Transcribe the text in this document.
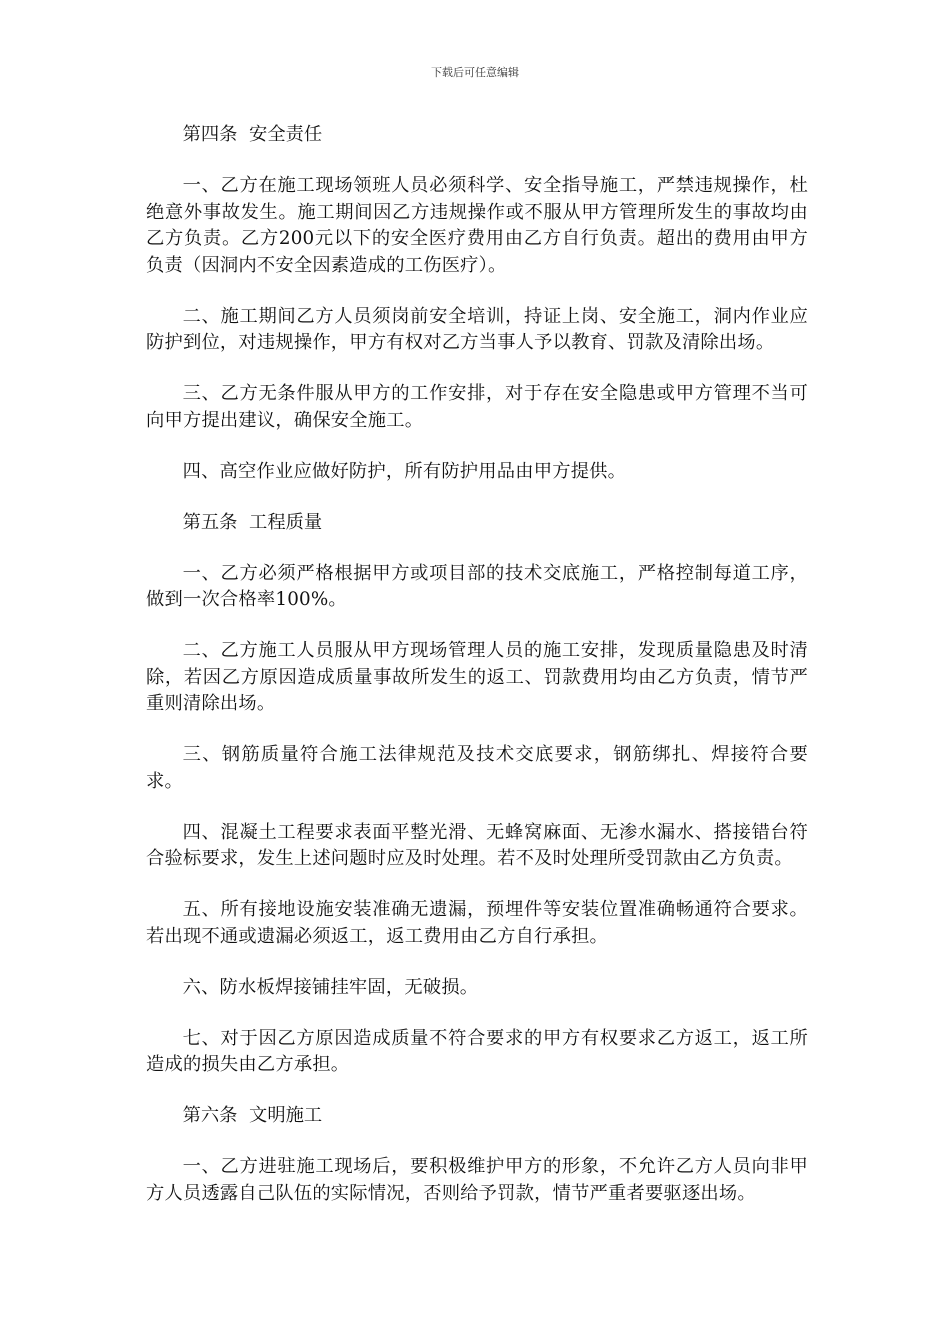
下载后可任意编辑
第四条  安全责任

一、乙方在施工现场领班人员必须科学、安全指导施工，严禁违规操作，杜绝意外事故发生。施工期间因乙方违规操作或不服从甲方管理所发生的事故均由乙方负责。乙方200元以下的安全医疗费用由乙方自行负责。超出的费用由甲方负责（因洞内不安全因素造成的工伤医疗）。

二、施工期间乙方人员须岗前安全培训，持证上岗、安全施工，洞内作业应防护到位，对违规操作，甲方有权对乙方当事人予以教育、罚款及清除出场。

三、乙方无条件服从甲方的工作安排，对于存在安全隐患或甲方管理不当可向甲方提出建议，确保安全施工。

四、高空作业应做好防护，所有防护用品由甲方提供。

第五条  工程质量

一、乙方必须严格根据甲方或项目部的技术交底施工，严格控制每道工序，做到一次合格率100%。

二、乙方施工人员服从甲方现场管理人员的施工安排，发现质量隐患及时清除，若因乙方原因造成质量事故所发生的返工、罚款费用均由乙方负责，情节严重则清除出场。

三、钢筋质量符合施工法律规范及技术交底要求，钢筋绑扎、焊接符合要求。

四、混凝土工程要求表面平整光滑、无蜂窝麻面、无渗水漏水、搭接错台符合验标要求，发生上述问题时应及时处理。若不及时处理所受罚款由乙方负责。

五、所有接地设施安装准确无遗漏，预埋件等安装位置准确畅通符合要求。若出现不通或遗漏必须返工，返工费用由乙方自行承担。

六、防水板焊接铺挂牢固，无破损。

七、对于因乙方原因造成质量不符合要求的甲方有权要求乙方返工，返工所造成的损失由乙方承担。

第六条  文明施工

一、乙方进驻施工现场后，要积极维护甲方的形象，不允许乙方人员向非甲方人员透露自己队伍的实际情况，否则给予罚款，情节严重者要驱逐出场。
